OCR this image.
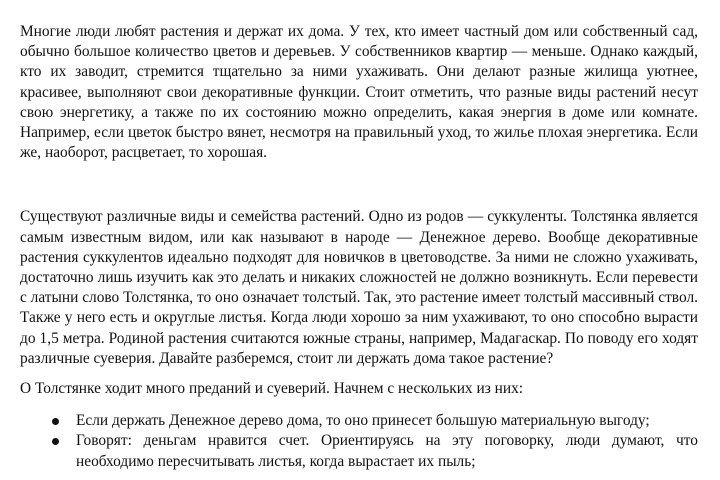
Многие люди любят растения и держат их дома. У тех, кто имеет частный дом или собственный сад, обычно большое количество цветов и деревьев. У собственников квартир — меньше. Однако каждый, кто их заводит, стремится тщательно за ними ухаживать. Они делают разные жилища уютнее, красивее, выполняют свои декоративные функции. Стоит отметить, что разные виды растений несут свою энергетику, а также по их состоянию можно определить, какая энергия в доме или комнате. Например, если цветок быстро вянет, несмотря на правильный уход, то жилье плохая энергетика. Если же, наоборот, расцветает, то хорошая.

Существуют различные виды и семейства растений. Одно из родов — суккуленты. Толстянка является самым известным видом, или как называют в народе — Денежное дерево. Вообще декоративные растения суккулентов идеально подходят для новичков в цветоводстве. За ними не сложно ухаживать, достаточно лишь изучить как это делать и никаких сложностей не должно возникнуть. Если перевести с латыни слово Толстянка, то оно означает толстый. Так, это растение имеет толстый массивный ствол. Также у него есть и округлые листья. Когда люди хорошо за ним ухаживают, то оно способно вырасти до 1,5 метра. Родиной растения считаются южные страны, например, Мадагаскар. По поводу его ходят различные суеверия. Давайте разберемся, стоит ли держать дома такое растение?

О Толстянке ходит много преданий и суеверий. Начнем с нескольких из них:

Если держать Денежное дерево дома, то оно принесет большую материальную выгоду;
Говорят: деньгам нравится счет. Ориентируясь на эту поговорку, люди думают, что необходимо пересчитывать листья, когда вырастает их пыль;
